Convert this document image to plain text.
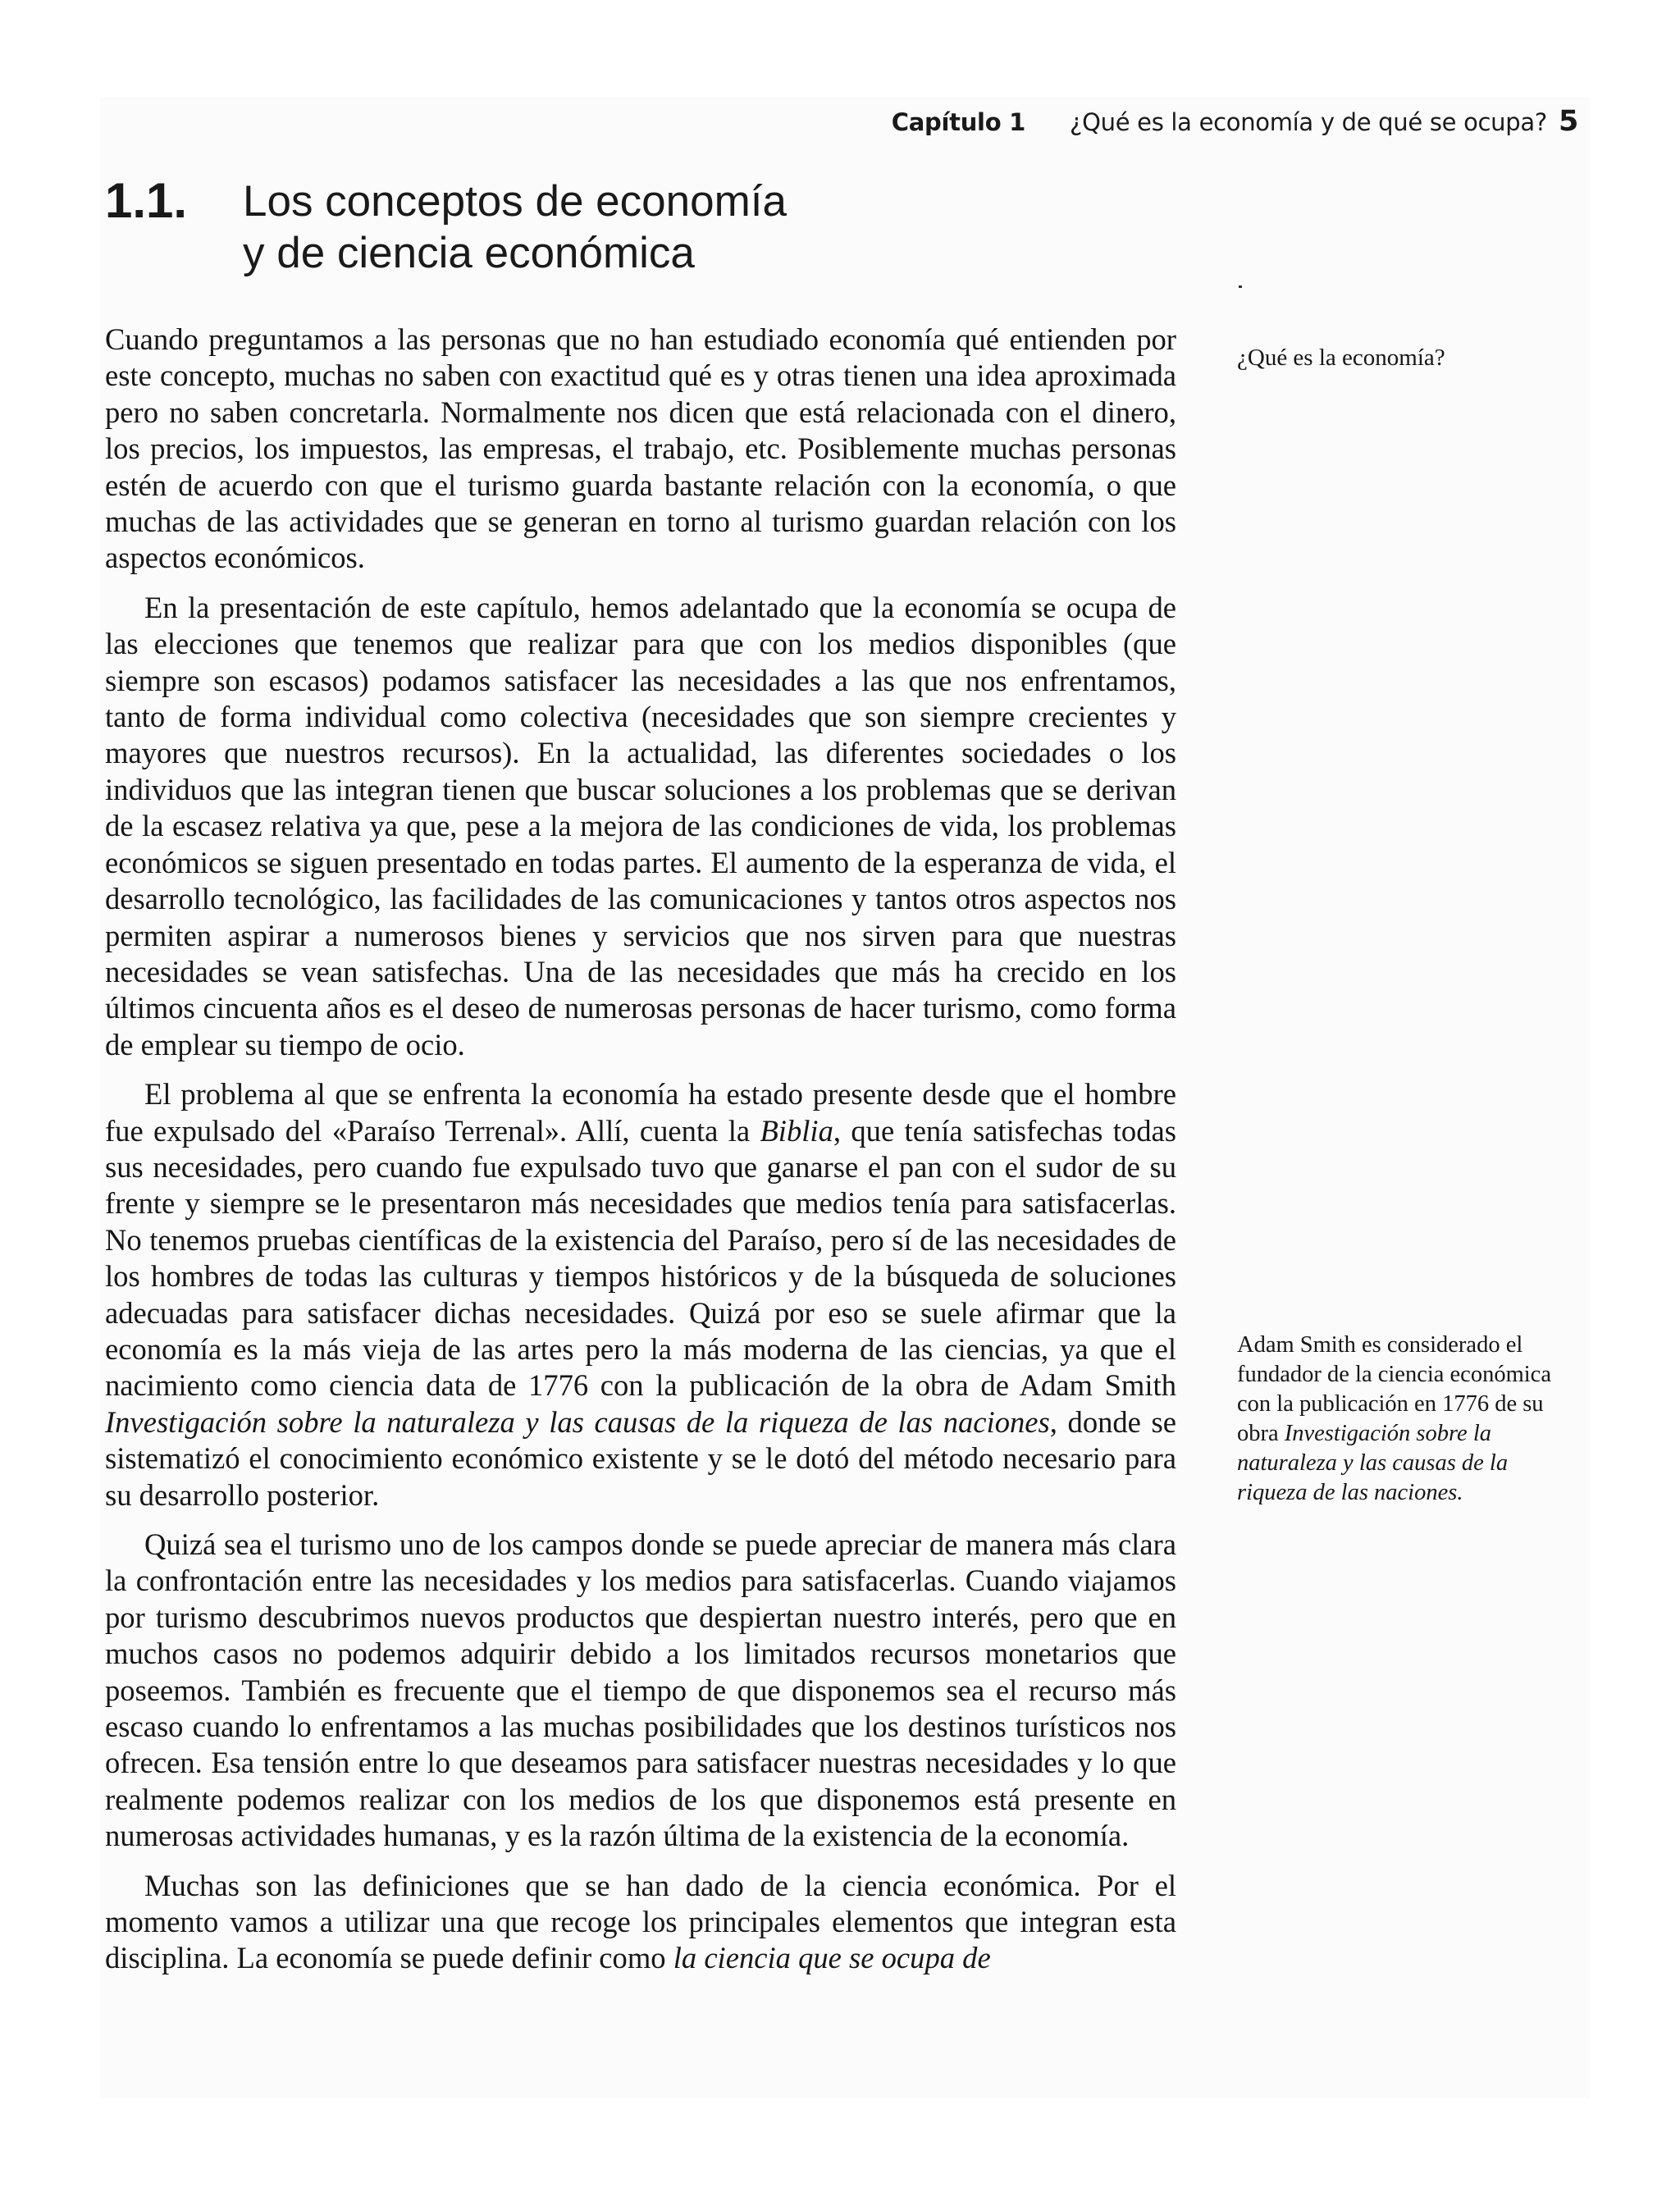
Capítulo 1 ¿Qué es la economía y de qué se ocupa? 5
1.1. Los conceptos de economía
y de ciencia económica
¿Qué es la economía?
Adam Smith es considerado el fundador de la ciencia económica con la publicación en 1776 de su obra Investigación sobre la naturaleza y las causas de la riqueza de las naciones.

Cuando preguntamos a las personas que no han estudiado economía qué entienden por este concepto, muchas no saben con exactitud qué es y otras tienen una idea aproximada pero no saben concretarla. Normalmente nos dicen que está relacionada con el dinero, los precios, los impuestos, las empresas, el trabajo, etc. Posiblemente muchas personas estén de acuerdo con que el turismo guarda bastante relación con la economía, o que muchas de las actividades que se generan en torno al turismo guardan relación con los aspectos económicos.

En la presentación de este capítulo, hemos adelantado que la economía se ocupa de las elecciones que tenemos que realizar para que con los medios disponibles (que siempre son escasos) podamos satisfacer las necesidades a las que nos enfrentamos, tanto de forma individual como colectiva (necesidades que son siempre crecientes y mayores que nuestros recursos). En la actualidad, las diferentes sociedades o los individuos que las integran tienen que buscar soluciones a los problemas que se derivan de la escasez relativa ya que, pese a la mejora de las condiciones de vida, los problemas económicos se siguen presentado en todas partes. El aumento de la esperanza de vida, el desarrollo tecnológico, las facilidades de las comunicaciones y tantos otros aspectos nos permiten aspirar a numerosos bienes y servicios que nos sirven para que nuestras necesidades se vean satisfechas. Una de las necesidades que más ha crecido en los últimos cincuenta años es el deseo de numerosas personas de hacer turismo, como forma de emplear su tiempo de ocio.

El problema al que se enfrenta la economía ha estado presente desde que el hombre fue expulsado del «Paraíso Terrenal». Allí, cuenta la Biblia, que tenía satisfechas todas sus necesidades, pero cuando fue expulsado tuvo que ganarse el pan con el sudor de su frente y siempre se le presentaron más necesidades que medios tenía para satisfacerlas. No tenemos pruebas científicas de la existencia del Paraíso, pero sí de las necesidades de los hombres de todas las culturas y tiempos históricos y de la búsqueda de soluciones adecuadas para satisfacer dichas necesidades. Quizá por eso se suele afirmar que la economía es la más vieja de las artes pero la más moderna de las ciencias, ya que el nacimiento como ciencia data de 1776 con la publicación de la obra de Adam Smith Investigación sobre la naturaleza y las causas de la riqueza de las naciones, donde se sistematizó el conocimiento económico existente y se le dotó del método necesario para su desarrollo posterior.

Quizá sea el turismo uno de los campos donde se puede apreciar de manera más clara la confrontación entre las necesidades y los medios para satisfacerlas. Cuando viajamos por turismo descubrimos nuevos productos que despiertan nuestro interés, pero que en muchos casos no podemos adquirir debido a los limitados recursos monetarios que poseemos. También es frecuente que el tiempo de que disponemos sea el recurso más escaso cuando lo enfrentamos a las muchas posibilidades que los destinos turísticos nos ofrecen. Esa tensión entre lo que deseamos para satisfacer nuestras necesidades y lo que realmente podemos realizar con los medios de los que disponemos está presente en numerosas actividades humanas, y es la razón última de la existencia de la economía.

Muchas son las definiciones que se han dado de la ciencia económica. Por el momento vamos a utilizar una que recoge los principales elementos que integran esta disciplina. La economía se puede definir como la ciencia que se ocupa de
